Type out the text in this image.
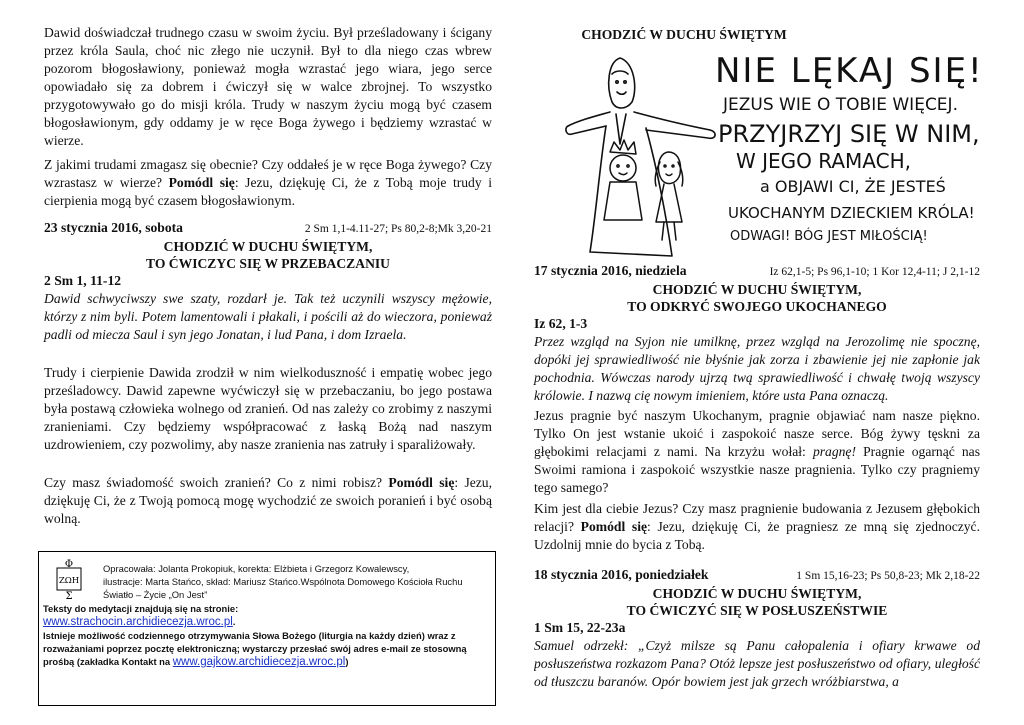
Dawid doświadczał trudnego czasu w swoim życiu. Był prześladowany i ścigany przez króla Saula, choć nic złego nie uczynił. Był to dla niego czas wbrew pozorom błogosławiony, ponieważ mogła wzrastać jego wiara, jego serce opowiadało się za dobrem i ćwiczył się w walce zbrojnej. To wszystko przygotowywało go do misji króla. Trudy w naszym życiu mogą być czasem błogosławionym, gdy oddamy je w ręce Boga żywego i będziemy wzrastać w wierze.

Z jakimi trudami zmagasz się obecnie? Czy oddałeś je w ręce Boga żywego? Czy wzrastasz w wierze? Pomódl się: Jezu, dziękuję Ci, że z Tobą moje trudy i cierpienia mogą być czasem błogosławionym.

23 stycznia 2016, sobota	2 Sm 1,1-4.11-27; Ps 80,2-8;Mk 3,20-21
CHODZIĆ W DUCHU ŚWIĘTYM,
TO ĆWICZYC SIĘ W PRZEBACZANIU
2 Sm 1, 11-12

Dawid schwyciwszy swe szaty, rozdarł je. Tak też uczynili wszyscy mężowie, którzy z nim byli. Potem lamentowali i płakali, i pościli aż do wieczora, ponieważ padli od miecza Saul i syn jego Jonatan, i lud Pana, i dom Izraela.

Trudy i cierpienie Dawida zrodził w nim wielkoduszność i empatię wobec jego prześladowcy. Dawid zapewne wyćwiczył się w przebaczaniu, bo jego postawa była postawą człowieka wolnego od zranień. Od nas zależy co zrobimy z naszymi zranieniami. Czy będziemy współpracować z łaską Bożą nad naszym uzdrowieniem, czy pozwolimy, aby nasze zranienia nas zatruły i sparaliżowały.

Czy masz świadomość swoich zranień? Co z nimi robisz? Pomódl się: Jezu, dziękuję Ci, że z Twoją pomocą mogę wychodzić ze swoich poranień i być osobą wolną.

Φ
ΖΩΗ
Σ
Opracowała: Jolanta Prokopiuk, korekta: Elżbieta i Grzegorz Kowalewscy,
ilustracje: Marta Stańco, skład: Mariusz Stańco.Wspólnota Domowego Kościoła Ruchu
Światło – Życie „On Jest”
Teksty do medytacji znajdują się na stronie:
www.strachocin.archidiecezja.wroc.pl.
Istnieje możliwość codziennego otrzymywania Słowa Bożego (liturgia na każdy dzień) wraz z rozważaniami poprzez pocztę elektroniczną; wystarczy przesłać swój adres e-mail ze stosowną prośbą (zakładka Kontakt na www.gajkow.archidiecezja.wroc.pl)
CHODZIĆ W DUCHU ŚWIĘTYM
NIE LĘKAJ SIĘ!
JEZUS WIE O TOBIE WIĘCEJ.
PRZYJRZYJ SIĘ W NIM,
W JEGO RAMACH,
a OBJAWI CI, ŻE JESTEŚ
UKOCHANYM DZIECKIEM KRÓLA!
ODWAGI! BÓG JEST MIŁOŚCIĄ!
17 stycznia 2016, niedziela	Iz 62,1-5; Ps 96,1-10; 1 Kor 12,4-11; J 2,1-12
CHODZIĆ W DUCHU ŚWIĘTYM,
TO ODKRYĆ SWOJEGO UKOCHANEGO
Iz 62, 1-3

Przez wzgląd na Syjon nie umilknę, przez wzgląd na Jerozolimę nie spocznę, dopóki jej sprawiedliwość nie błyśnie jak zorza i zbawienie jej nie zapłonie jak pochodnia. Wówczas narody ujrzą twą sprawiedliwość i chwałę twoją wszyscy królowie. I nazwą cię nowym imieniem, które usta Pana oznaczą.

Jezus pragnie być naszym Ukochanym, pragnie objawiać nam nasze piękno. Tylko On jest wstanie ukoić i zaspokoić nasze serce. Bóg żywy tęskni za głębokimi relacjami z nami. Na krzyżu wołał: pragnę! Pragnie ogarnąć nas Swoimi ramiona i zaspokoić wszystkie nasze pragnienia. Tylko czy pragniemy tego samego?

Kim jest dla ciebie Jezus? Czy masz pragnienie budowania z Jezusem głębokich relacji? Pomódl się: Jezu, dziękuję Ci, że pragniesz ze mną się zjednoczyć. Uzdolnij mnie do bycia z Tobą.

18 stycznia 2016, poniedziałek	1 Sm 15,16-23; Ps 50,8-23; Mk 2,18-22
CHODZIĆ W DUCHU ŚWIĘTYM,
TO ĆWICZYĆ SIĘ W POSŁUSZEŃSTWIE
1 Sm 15, 22-23a

Samuel odrzekł: „Czyż milsze są Panu całopalenia i ofiary krwawe od posłuszeństwa rozkazom Pana? Otóż lepsze jest posłuszeństwo od ofiary, uległość od tłuszczu baranów. Opór bowiem jest jak grzech wróżbiarstwa, a
